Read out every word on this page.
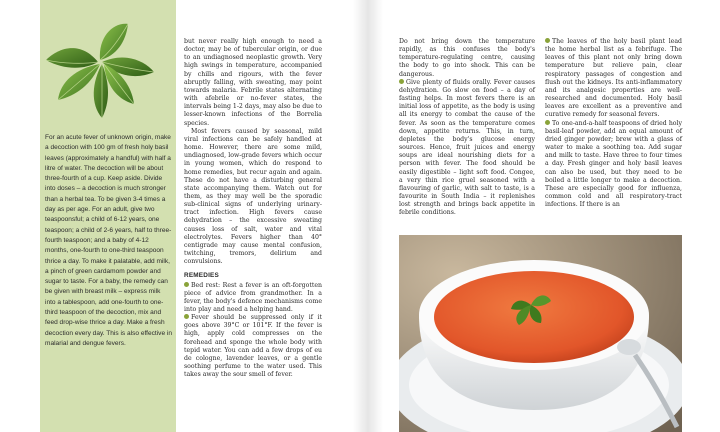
For an acute fever of unknown origin, make a decoction with 100 gm of fresh holy basil leaves (approximately a handful) with half a litre of water. The decoction will be about three-fourth of a cup. Keep aside. Divide into doses – a decoction is much stronger than a herbal tea. To be given 3-4 times a day as per age. For an adult, give two teaspoonsful; a child of 6-12 years, one teaspoon; a child of 2-6 years, half to three-fourth teaspoon; and a baby of 4-12 months, one-fourth to one-third teaspoon thrice a day. To make it palatable, add milk, a pinch of green cardamom powder and sugar to taste. For a baby, the remedy can be given with breast milk – express milk into a tablespoon, add one-fourth to one-third teaspoon of the decoction, mix and feed drop-wise thrice a day. Make a fresh decoction every day. This is also effective in malarial and dengue fevers.

but never really high enough to need a doctor, may be of tubercular origin, or due to an undiagnosed neoplastic growth. Very high swings in temperature, accompanied by chills and rigours, with the fever abruptly falling, with sweating, may point towards malaria. Febrile states alternating with afebrile or no-fever states, the intervals being 1-2 days, may also be due to lesser-known infections of the Borrelia species.

Most fevers caused by seasonal, mild viral infections can be safely handled at home. However, there are some mild, undiagnosed, low-grade fevers which occur in young women, which do respond to home remedies, but recur again and again. These do not have a disturbing general state accompanying them. Watch out for them, as they may well be the sporadic sub-clinical signs of underlying urinary-tract infection. High fevers cause dehydration – the excessive sweating causes loss of salt, water and vital electrolytes. Fevers higher than 40° centigrade may cause mental confusion, twitching, tremors, delirium and convulsions.

REMEDIES

Bed rest: Rest a fever is an oft-forgotten piece of advice from grandmother. In a fever, the body's defence mechanisms come into play and need a helping hand.

Fever should be suppressed only if it goes above 39°C or 101°F. If the fever is high, apply cold compresses on the forehead and sponge the whole body with tepid water. You can add a few drops of eu de cologne, lavender leaves, or a gentle soothing perfume to the water used. This takes away the sour smell of fever.

Do not bring down the temperature rapidly, as this confuses the body's temperature-regulating centre, causing the body to go into shock. This can be dangerous.

Give plenty of fluids orally. Fever causes dehydration. Go slow on food – a day of fasting helps. In most fevers there is an initial loss of appetite, as the body is using all its energy to combat the cause of the fever. As soon as the temperature comes down, appetite returns. This, in turn, depletes the body's glucose energy sources. Hence, fruit juices and energy soups are ideal nourishing diets for a person with fever. The food should be easily digestible – light soft food. Congee, a very thin rice gruel seasoned with a flavouring of garlic, with salt to taste, is a favourite in South India – it replenishes lost strength and brings back appetite in febrile conditions.

The leaves of the holy basil plant lead the home herbal list as a febrifuge. The leaves of this plant not only bring down temperature but relieve pain, clear respiratory passages of congestion and flush out the kidneys. Its anti-inflammatory and its analgesic properties are well-researched and documented. Holy basil leaves are excellent as a preventive and curative remedy for seasonal fevers.

To one-and-a-half teaspoons of dried holy basil-leaf powder, add an equal amount of dried ginger powder; brew with a glass of water to make a soothing tea. Add sugar and milk to taste. Have three to four times a day. Fresh ginger and holy basil leaves can also be used, but they need to be boiled a little longer to make a decoction. These are especially good for influenza, common cold and all respiratory-tract infections. If there is an
